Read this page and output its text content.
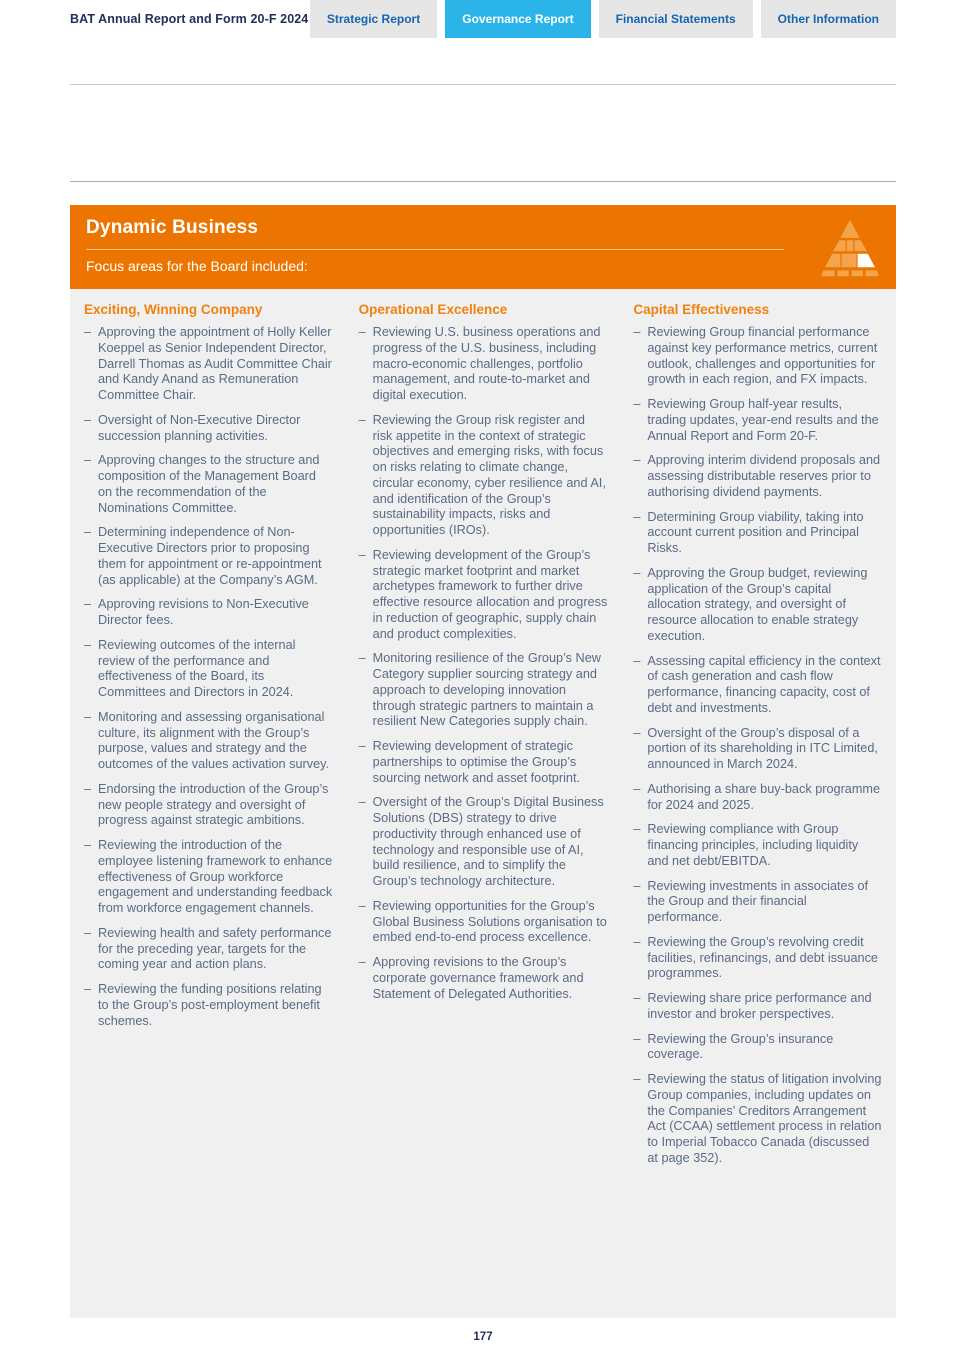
BAT Annual Report and Form 20-F 2024	Strategic Report	Governance Report	Financial Statements	Other Information
Dynamic Business
Focus areas for the Board included:
Exciting, Winning Company
– Approving the appointment of Holly Keller Koeppel as Senior Independent Director, Darrell Thomas as Audit Committee Chair and Kandy Anand as Remuneration Committee Chair.
– Oversight of Non-Executive Director succession planning activities.
– Approving changes to the structure and composition of the Management Board on the recommendation of the Nominations Committee.
– Determining independence of Non-Executive Directors prior to proposing them for appointment or re-appointment (as applicable) at the Company’s AGM.
– Approving revisions to Non-Executive Director fees.
– Reviewing outcomes of the internal review of the performance and effectiveness of the Board, its Committees and Directors in 2024.
– Monitoring and assessing organisational culture, its alignment with the Group’s purpose, values and strategy and the outcomes of the values activation survey.
– Endorsing the introduction of the Group’s new people strategy and oversight of progress against strategic ambitions.
– Reviewing the introduction of the employee listening framework to enhance effectiveness of Group workforce engagement and understanding feedback from workforce engagement channels.
– Reviewing health and safety performance for the preceding year, targets for the coming year and action plans.
– Reviewing the funding positions relating to the Group’s post-employment benefit schemes.
Operational Excellence
– Reviewing U.S. business operations and progress of the U.S. business, including macro-economic challenges, portfolio management, and route-to-market and digital execution.
– Reviewing the Group risk register and risk appetite in the context of strategic objectives and emerging risks, with focus on risks relating to climate change, circular economy, cyber resilience and AI, and identification of the Group’s sustainability impacts, risks and opportunities (IROs).
– Reviewing development of the Group’s strategic market footprint and market archetypes framework to further drive effective resource allocation and progress in reduction of geographic, supply chain and product complexities.
– Monitoring resilience of the Group’s New Category supplier sourcing strategy and approach to developing innovation through strategic partners to maintain a resilient New Categories supply chain.
– Reviewing development of strategic partnerships to optimise the Group’s sourcing network and asset footprint.
– Oversight of the Group’s Digital Business Solutions (DBS) strategy to drive productivity through enhanced use of technology and responsible use of AI, build resilience, and to simplify the Group’s technology architecture.
– Reviewing opportunities for the Group’s Global Business Solutions organisation to embed end-to-end process excellence.
– Approving revisions to the Group’s corporate governance framework and Statement of Delegated Authorities.
Capital Effectiveness
– Reviewing Group financial performance against key performance metrics, current outlook, challenges and opportunities for growth in each region, and FX impacts.
– Reviewing Group half-year results, trading updates, year-end results and the Annual Report and Form 20-F.
– Approving interim dividend proposals and assessing distributable reserves prior to authorising dividend payments.
– Determining Group viability, taking into account current position and Principal Risks.
– Approving the Group budget, reviewing application of the Group’s capital allocation strategy, and oversight of resource allocation to enable strategy execution.
– Assessing capital efficiency in the context of cash generation and cash flow performance, financing capacity, cost of debt and investments.
– Oversight of the Group’s disposal of a portion of its shareholding in ITC Limited, announced in March 2024.
– Authorising a share buy-back programme for 2024 and 2025.
– Reviewing compliance with Group financing principles, including liquidity and net debt/EBITDA.
– Reviewing investments in associates of the Group and their financial performance.
– Reviewing the Group’s revolving credit facilities, refinancings, and debt issuance programmes.
– Reviewing share price performance and investor and broker perspectives.
– Reviewing the Group’s insurance coverage.
– Reviewing the status of litigation involving Group companies, including updates on the Companies’ Creditors Arrangement Act (CCAA) settlement process in relation to Imperial Tobacco Canada (discussed at page 352).
177
